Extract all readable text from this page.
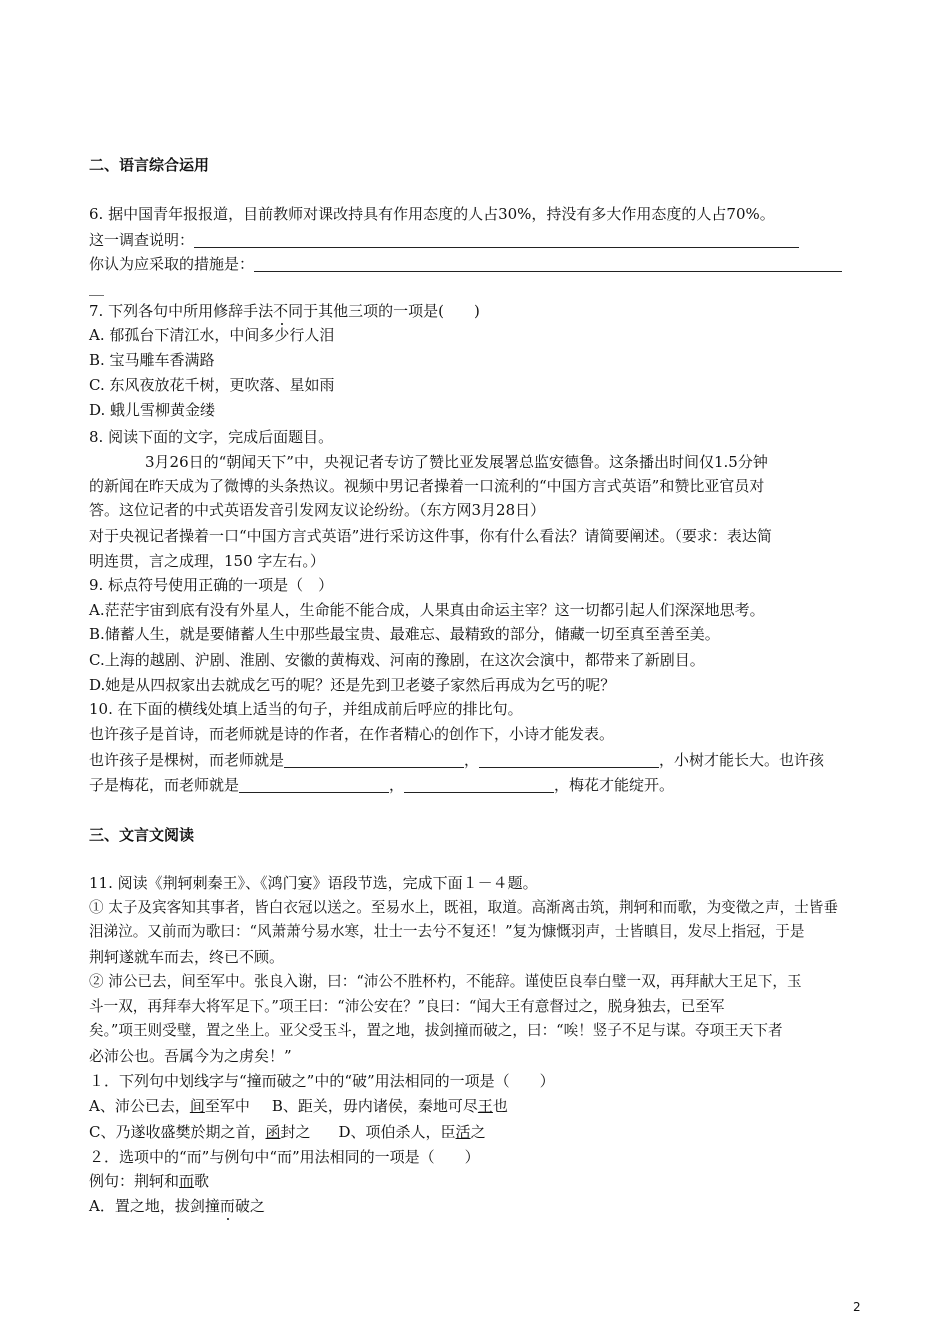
二、语言综合运用
6. 据中国青年报报道，目前教师对课改持具有作用态度的人占30%，持没有多大作用态度的人占70%。
这一调查说明：
你认为应采取的措施是：
__
7. 下列各句中所用修辞手法不同于其他三项的一项是(　　)
A. 郁孤台下清江水，中间多少行人泪
B. 宝马雕车香满路
C. 东风夜放花千树，更吹落、星如雨
D. 蛾儿雪柳黄金缕
8. 阅读下面的文字，完成后面题目。
3月26日的“朝闻天下”中，央视记者专访了赞比亚发展署总监安德鲁。这条播出时间仅1.5分钟
的新闻在昨天成为了微博的头条热议。视频中男记者操着一口流利的“中国方言式英语”和赞比亚官员对
答。这位记者的中式英语发音引发网友议论纷纷。（东方网3月28日）
对于央视记者操着一口“中国方言式英语”进行采访这件事，你有什么看法？请简要阐述。（要求：表达简
明连贯，言之成理，150 字左右。）
9. 标点符号使用正确的一项是（　）
A.茫茫宇宙到底有没有外星人，生命能不能合成，人果真由命运主宰？这一切都引起人们深深地思考。
B.储蓄人生，就是要储蓄人生中那些最宝贵、最难忘、最精致的部分，储藏一切至真至善至美。
C.上海的越剧、沪剧、淮剧、安徽的黄梅戏、河南的豫剧，在这次会演中，都带来了新剧目。
D.她是从四叔家出去就成乞丐的呢？还是先到卫老婆子家然后再成为乞丐的呢？
10. 在下面的横线处填上适当的句子，并组成前后呼应的排比句。
也许孩子是首诗，而老师就是诗的作者，在作者精心的创作下，小诗才能发表。
也许孩子是棵树，而老师就是	，	，小树才能长大。也许孩
子是梅花，而老师就是	，	，梅花才能绽开。
三、文言文阅读
11. 阅读《荆轲刺秦王》、《鸿门宴》语段节选，完成下面１－４题。
① 太子及宾客知其事者，皆白衣冠以送之。至易水上，既祖，取道。高渐离击筑，荆轲和而歌，为变徵之声，士皆垂
泪涕泣。又前而为歌曰：“风萧萧兮易水寒，壮士一去兮不复还！”复为慷慨羽声，士皆瞋目，发尽上指冠，于是
荆轲遂就车而去，终已不顾。
② 沛公已去，间至军中。张良入谢，曰：“沛公不胜杯杓，不能辞。谨使臣良奉白璧一双，再拜献大王足下，玉
斗一双，再拜奉大将军足下。”项王曰：“沛公安在？”良曰：“闻大王有意督过之，脱身独去，已至军
矣。”项王则受璧，置之坐上。亚父受玉斗，置之地，拔剑撞而破之，曰：“唉！竖子不足与谋。夺项王天下者
必沛公也。吾属今为之虏矣！”
１．下列句中划线字与“撞而破之”中的“破”用法相同的一项是（　　）
A、沛公已去，间至军中 B、距关，毋内诸侯，秦地可尽王也
C、乃遂收盛樊於期之首，函封之 D、项伯杀人，臣活之
２．选项中的“而”与例句中“而”用法相同的一项是（　　）
例句：荆轲和而歌
A．置之地，拔剑撞而破之
2
